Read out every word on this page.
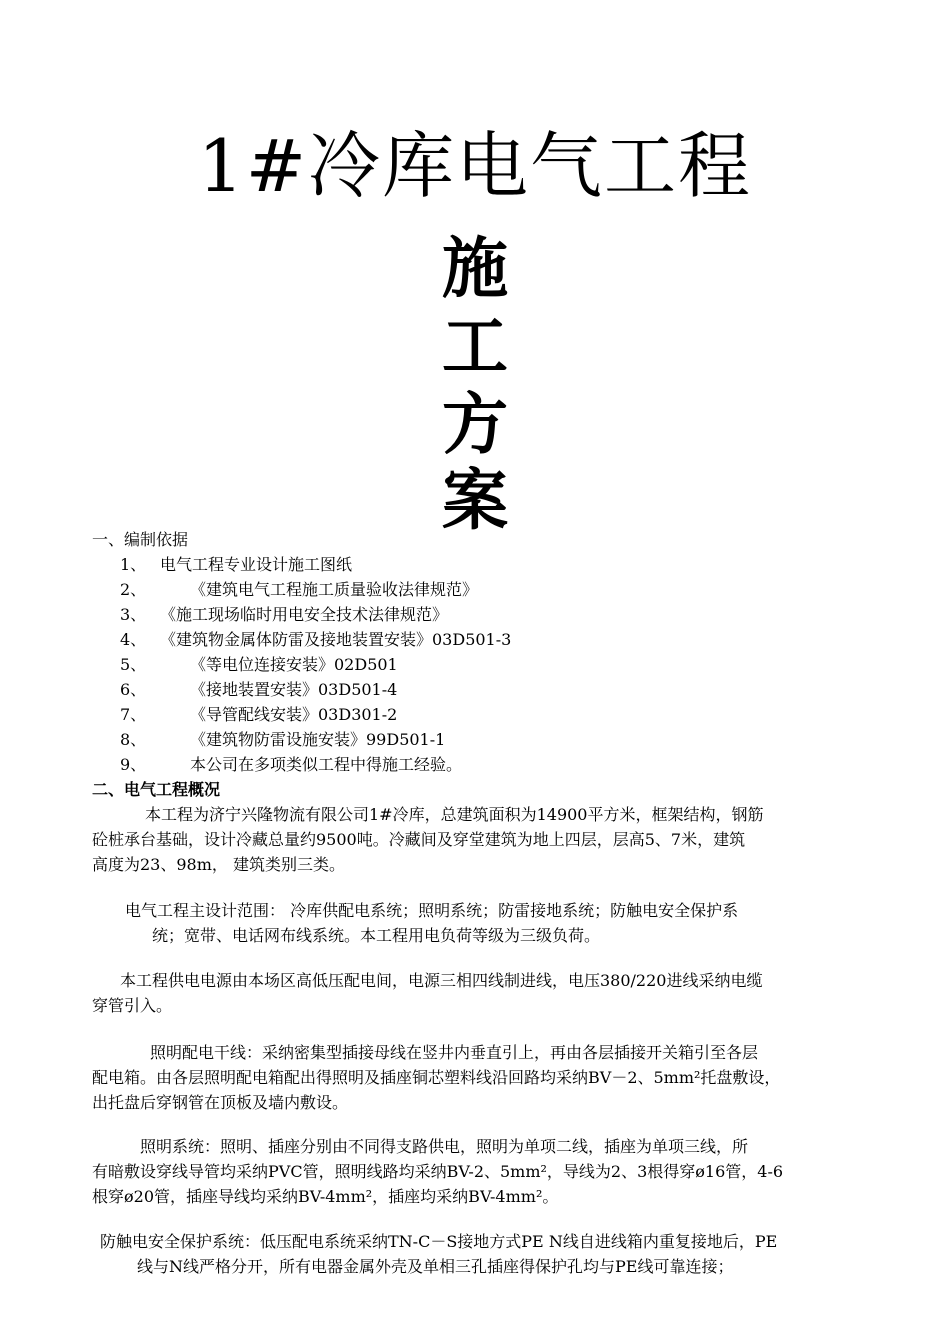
1#冷库电气工程
施
工
方
案
一、编制依据
1、 电气工程专业设计施工图纸
2、	《建筑电气工程施工质量验收法律规范》
3、 《施工现场临时用电安全技术法律规范》
4、 《建筑物金属体防雷及接地装置安装》03D501-3
5、	《等电位连接安装》02D501
6、	《接地装置安装》03D501-4
7、	《导管配线安装》03D301-2
8、	《建筑物防雷设施安装》99D501-1
9、	本公司在多项类似工程中得施工经验。
二、电气工程概况
本工程为济宁兴隆物流有限公司1#冷库，总建筑面积为14900平方米，框架结构，钢筋
砼桩承台基础，设计冷藏总量约9500吨。冷藏间及穿堂建筑为地上四层，层高5、7米，建筑
高度为23、98m， 建筑类别三类。
电气工程主设计范围： 冷库供配电系统；照明系统；防雷接地系统；防触电安全保护系
统；宽带、电话网布线系统。本工程用电负荷等级为三级负荷。
本工程供电电源由本场区高低压配电间，电源三相四线制进线，电压380/220进线采纳电缆
穿管引入。
照明配电干线：采纳密集型插接母线在竖井内垂直引上，再由各层插接开关箱引至各层
配电箱。由各层照明配电箱配出得照明及插座铜芯塑料线沿回路均采纳BV－2、5mm²托盘敷设，
出托盘后穿钢管在顶板及墙内敷设。
照明系统：照明、插座分别由不同得支路供电，照明为单项二线，插座为单项三线，所
有暗敷设穿线导管均采纳PVC管，照明线路均采纳BV-2、5mm²，导线为2、3根得穿ø16管，4-6
根穿ø20管，插座导线均采纳BV-4mm²，插座均采纳BV-4mm²。
防触电安全保护系统：低压配电系统采纳TN-C－S接地方式PE N线自进线箱内重复接地后，PE
线与N线严格分开，所有电器金属外壳及单相三孔插座得保护孔均与PE线可靠连接；
